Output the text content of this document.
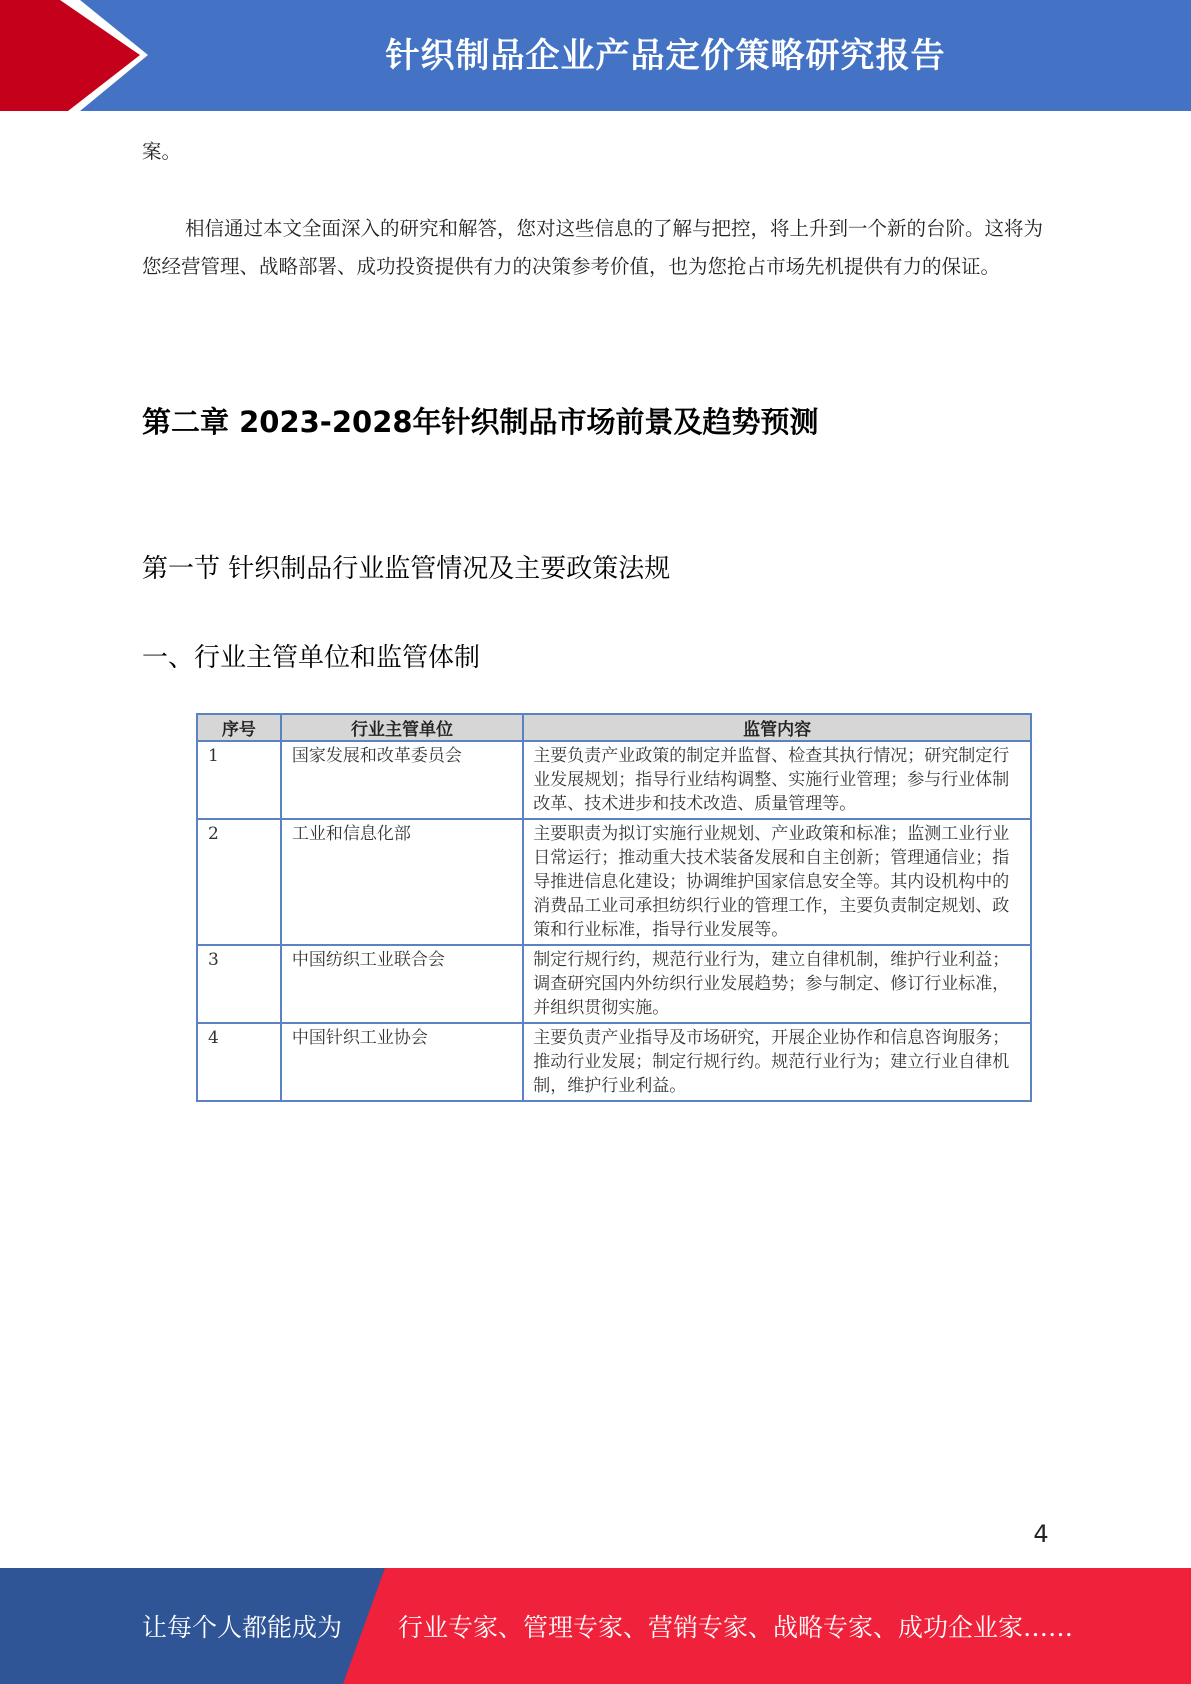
针织制品企业产品定价策略研究报告
案。
相信通过本文全面深入的研究和解答，您对这些信息的了解与把控，将上升到一个新的台阶。这将为您经营管理、战略部署、成功投资提供有力的决策参考价值，也为您抢占市场先机提供有力的保证。
第二章 2023-2028年针织制品市场前景及趋势预测
第一节 针织制品行业监管情况及主要政策法规
一、行业主管单位和监管体制
序号	行业主管单位	监管内容
1	国家发展和改革委员会	主要负责产业政策的制定并监督、检查其执行情况；研究制定行业发展规划；指导行业结构调整、实施行业管理；参与行业体制改革、技术进步和技术改造、质量管理等。
2	工业和信息化部	主要职责为拟订实施行业规划、产业政策和标准；监测工业行业日常运行；推动重大技术装备发展和自主创新；管理通信业；指导推进信息化建设；协调维护国家信息安全等。其内设机构中的消费品工业司承担纺织行业的管理工作，主要负责制定规划、政策和行业标准，指导行业发展等。
3	中国纺织工业联合会	制定行规行约，规范行业行为，建立自律机制，维护行业利益；调查研究国内外纺织行业发展趋势；参与制定、修订行业标准，并组织贯彻实施。
4	中国针织工业协会	主要负责产业指导及市场研究，开展企业协作和信息咨询服务；推动行业发展；制定行规行约。规范行业行为；建立行业自律机制，维护行业利益。
4
让每个人都能成为 行业专家、管理专家、营销专家、战略专家、成功企业家……
